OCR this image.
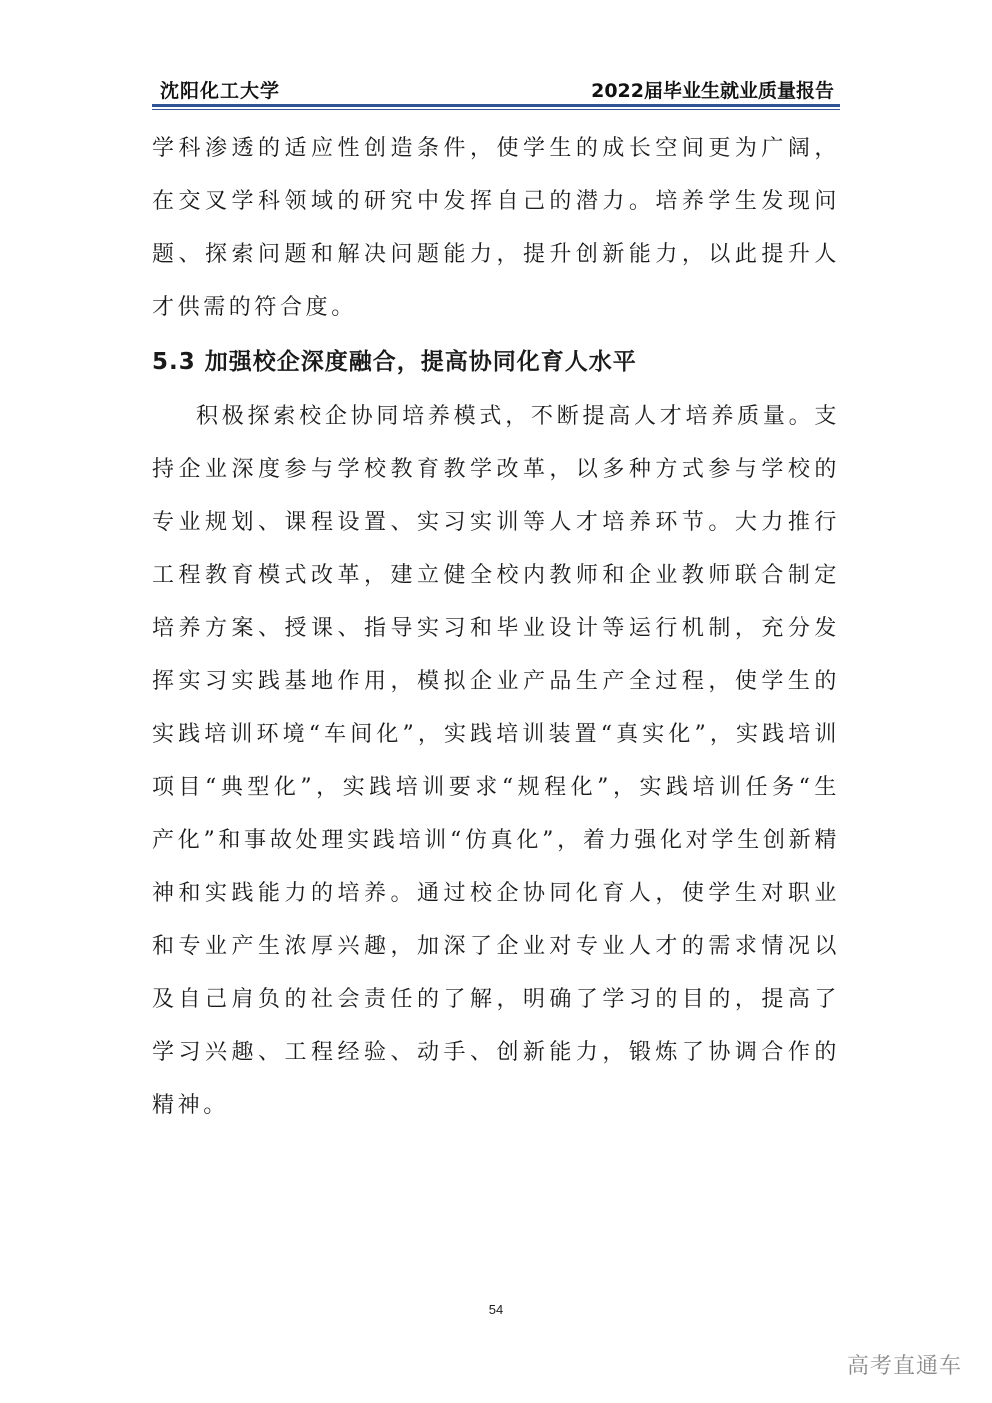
沈阳化工大学	2022届毕业生就业质量报告

学科渗透的适应性创造条件，使学生的成长空间更为广阔，在交叉学科领域的研究中发挥自己的潜力。培养学生发现问题、探索问题和解决问题能力，提升创新能力，以此提升人才供需的符合度。

5.3 加强校企深度融合，提高协同化育人水平

积极探索校企协同培养模式，不断提高人才培养质量。支持企业深度参与学校教育教学改革，以多种方式参与学校的专业规划、课程设置、实习实训等人才培养环节。大力推行工程教育模式改革，建立健全校内教师和企业教师联合制定培养方案、授课、指导实习和毕业设计等运行机制，充分发挥实习实践基地作用，模拟企业产品生产全过程，使学生的实践培训环境“车间化”，实践培训装置“真实化”，实践培训项目“典型化”，实践培训要求“规程化”，实践培训任务“生产化”和事故处理实践培训“仿真化”，着力强化对学生创新精神和实践能力的培养。通过校企协同化育人，使学生对职业和专业产生浓厚兴趣，加深了企业对专业人才的需求情况以及自己肩负的社会责任的了解，明确了学习的目的，提高了学习兴趣、工程经验、动手、创新能力，锻炼了协调合作的精神。

54
高考直通车
